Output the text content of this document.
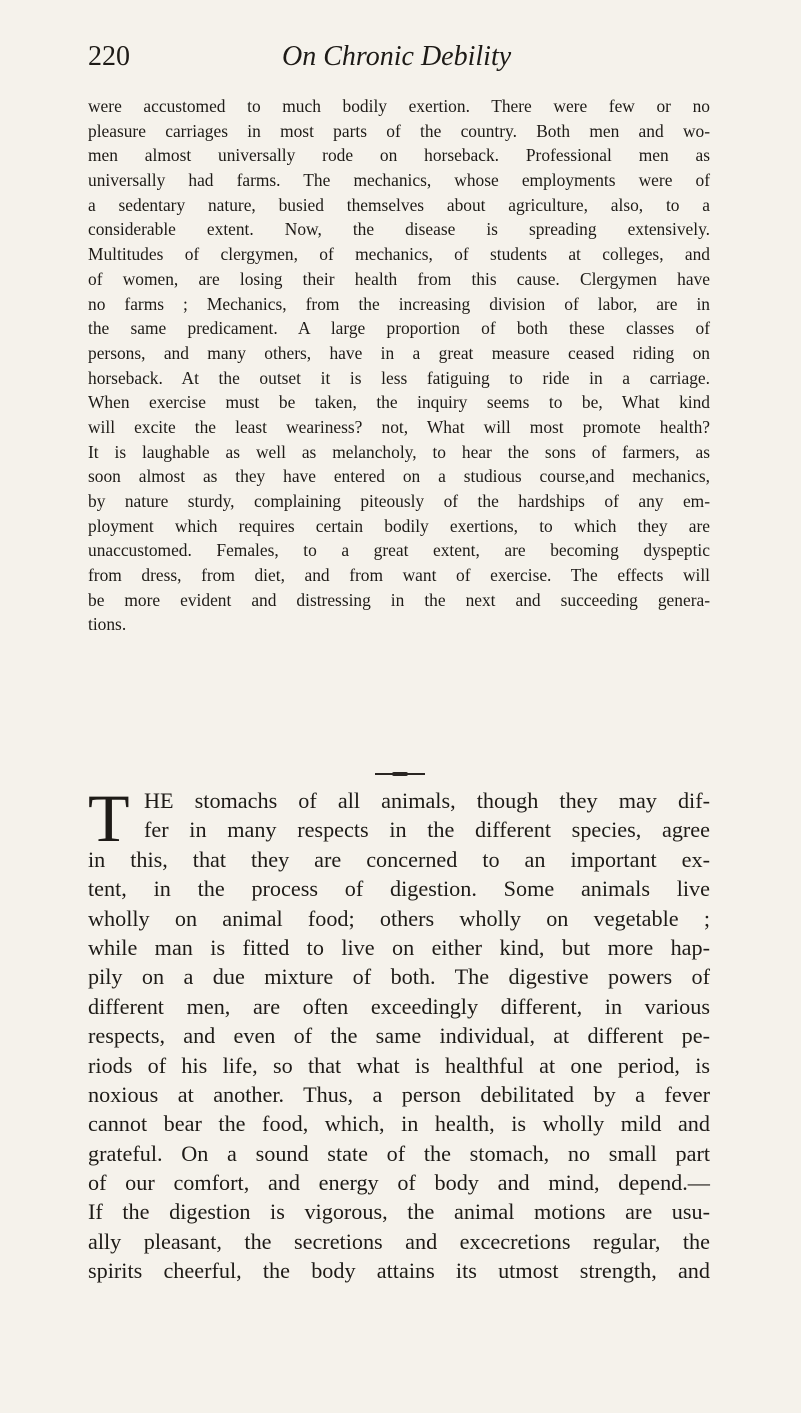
220	On Chronic Debility
were accustomed to much bodily exertion. There were few or no
pleasure carriages in most parts of the country. Both men and wo-
men almost universally rode on horseback. Professional men as
universally had farms. The mechanics, whose employments were of
a sedentary nature, busied themselves about agriculture, also, to a
considerable extent. Now, the disease is spreading extensively.
Multitudes of clergymen, of mechanics, of students at colleges, and
of women, are losing their health from this cause. Clergymen have
no farms ; Mechanics, from the increasing division of labor, are in
the same predicament. A large proportion of both these classes of
persons, and many others, have in a great measure ceased riding on
horseback. At the outset it is less fatiguing to ride in a carriage.
When exercise must be taken, the inquiry seems to be, What kind
will excite the least weariness? not, What will most promote health?
It is laughable as well as melancholy, to hear the sons of farmers, as
soon almost as they have entered on a studious course,and mechanics,
by nature sturdy, complaining piteously of the hardships of any em-
ployment which requires certain bodily exertions, to which they are
unaccustomed. Females, to a great extent, are becoming dyspeptic
from dress, from diet, and from want of exercise. The effects will
be more evident and distressing in the next and succeeding genera-
tions.
T HE stomachs of all animals, though they may dif-
fer in many respects in the different species, agree
in this, that they are concerned to an important ex-
tent, in the process of digestion. Some animals live
wholly on animal food; others wholly on vegetable ;
while man is fitted to live on either kind, but more hap-
pily on a due mixture of both. The digestive powers of
different men, are often exceedingly different, in various
respects, and even of the same individual, at different pe-
riods of his life, so that what is healthful at one period, is
noxious at another. Thus, a person debilitated by a fever
cannot bear the food, which, in health, is wholly mild and
grateful. On a sound state of the stomach, no small part
of our comfort, and energy of body and mind, depend.—
If the digestion is vigorous, the animal motions are usu-
ally pleasant, the secretions and excecretions regular, the
spirits cheerful, the body attains its utmost strength, and
